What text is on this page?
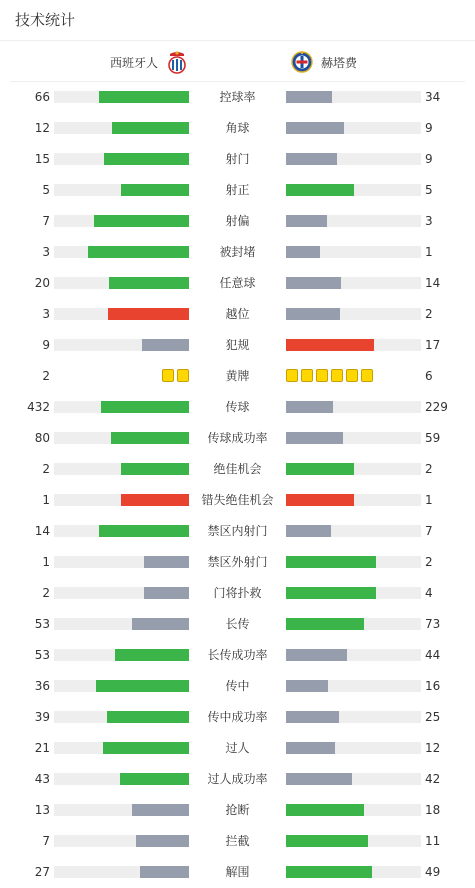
技术统计
西班牙人	赫塔费
66	控球率	34
12	角球	9
15	射门	9
5	射正	5
7	射偏	3
3	被封堵	1
20	任意球	14
3	越位	2
9	犯规	17
2	黄牌	6
432	传球	229
80	传球成功率	59
2	绝佳机会	2
1	错失绝佳机会	1
14	禁区内射门	7
1	禁区外射门	2
2	门将扑救	4
53	长传	73
53	长传成功率	44
36	传中	16
39	传中成功率	25
21	过人	12
43	过人成功率	42
13	抢断	18
7	拦截	11
27	解围	49
